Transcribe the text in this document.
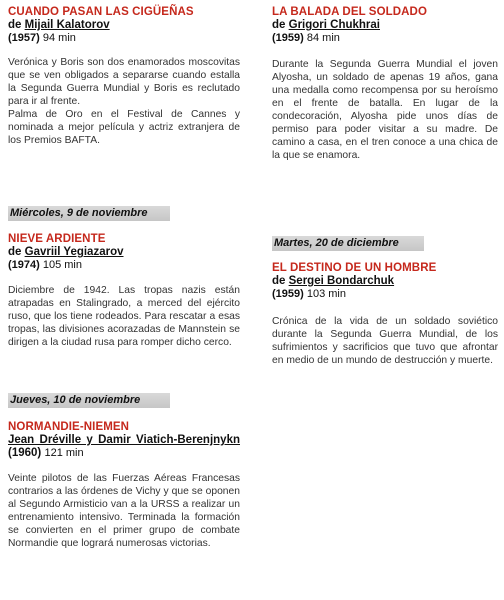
CUANDO PASAN LAS CIGÜEÑAS

de Mijail Kalatorov

(1957) 94 min

Verónica y Boris son dos enamorados moscovitas que se ven obligados a separarse cuando estalla la Segunda Guerra Mundial y Boris es reclutado para ir al frente.

Palma de Oro en el Festival de Cannes y nominada a mejor película y actriz extranjera de los Premios BAFTA.

Miércoles, 9 de noviembre

NIEVE ARDIENTE

de Gavriil Yegiazarov

(1974) 105 min

Diciembre de 1942. Las tropas nazis están atrapadas en Stalingrado, a merced del ejército ruso, que los tiene rodeados. Para rescatar a esas tropas, las divisiones acorazadas de Mannstein se dirigen a la ciudad rusa para romper dicho cerco.

Jueves, 10 de noviembre

NORMANDIE-NIEMEN

Jean Dréville y Damir Viatich-Berenjnykn (1960) 121 min

Veinte pilotos de las Fuerzas Aéreas Francesas contrarios a las órdenes de Vichy y que se oponen al Segundo Armisticio van a la URSS a realizar un entrenamiento intensivo. Terminada la formación se convierten en el primer grupo de combate Normandie que logrará numerosas victorias.

LA BALADA DEL SOLDADO

de Grigori Chukhrai

(1959) 84 min

Durante la Segunda Guerra Mundial el joven Alyosha, un soldado de apenas 19 años, gana una medalla como recompensa por su heroísmo en el frente de batalla. En lugar de la condecoración, Alyosha pide unos días de permiso para poder visitar a su madre. De camino a casa, en el tren conoce a una chica de la que se enamora.

Martes, 20 de diciembre

EL DESTINO DE UN HOMBRE

de Sergei Bondarchuk

(1959) 103 min

Crónica de la vida de un soldado soviético durante la Segunda Guerra Mundial, de los sufrimientos y sacrificios que tuvo que afrontar en medio de un mundo de destrucción y muerte.
